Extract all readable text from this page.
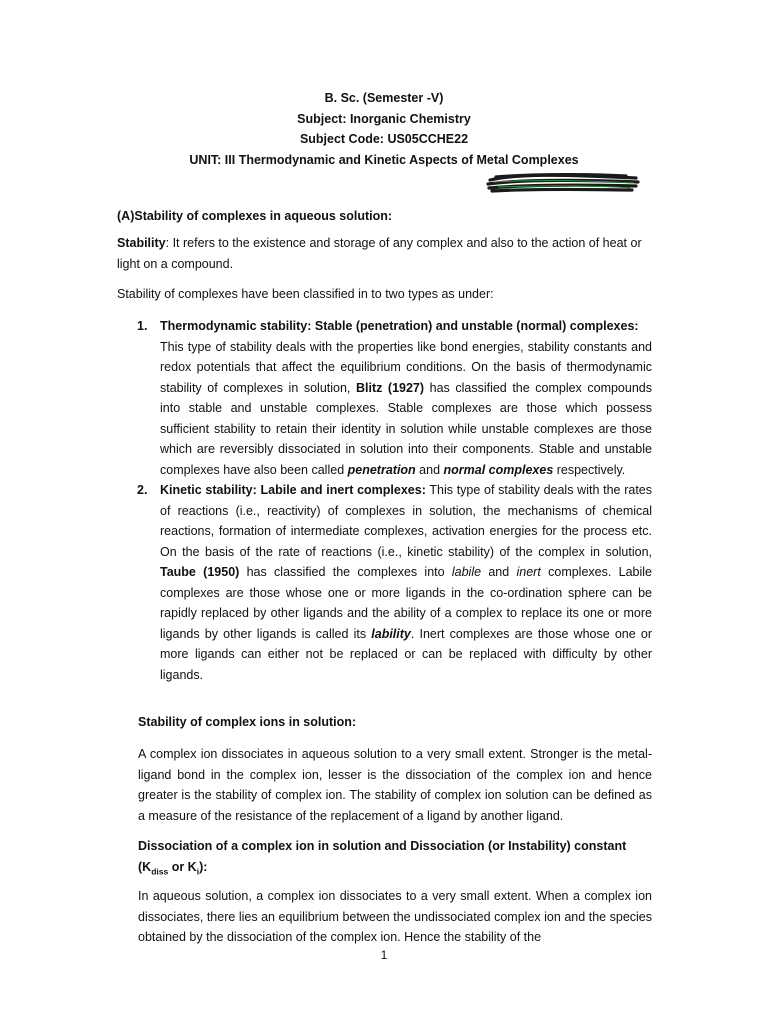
B. Sc. (Semester -V)
Subject: Inorganic Chemistry
Subject Code: US05CCHE22
UNIT: III Thermodynamic and Kinetic Aspects of Metal Complexes
(A)Stability of complexes in aqueous solution:
Stability: It refers to the existence and storage of any complex and also to the action of heat or light on a compound.
Stability of complexes have been classified in to two types as under:
1. Thermodynamic stability: Stable (penetration) and unstable (normal) complexes:
This type of stability deals with the properties like bond energies, stability constants and redox potentials that affect the equilibrium conditions. On the basis of thermodynamic stability of complexes in solution, Blitz (1927) has classified the complex compounds into stable and unstable complexes. Stable complexes are those which possess sufficient stability to retain their identity in solution while unstable complexes are those which are reversibly dissociated in solution into their components. Stable and unstable complexes have also been called penetration and normal complexes respectively.
2. Kinetic stability: Labile and inert complexes: This type of stability deals with the rates of reactions (i.e., reactivity) of complexes in solution, the mechanisms of chemical reactions, formation of intermediate complexes, activation energies for the process etc. On the basis of the rate of reactions (i.e., kinetic stability) of the complex in solution, Taube (1950) has classified the complexes into labile and inert complexes. Labile complexes are those whose one or more ligands in the co-ordination sphere can be rapidly replaced by other ligands and the ability of a complex to replace its one or more ligands by other ligands is called its lability. Inert complexes are those whose one or more ligands can either not be replaced or can be replaced with difficulty by other ligands.
Stability of complex ions in solution:
A complex ion dissociates in aqueous solution to a very small extent. Stronger is the metal-ligand bond in the complex ion, lesser is the dissociation of the complex ion and hence greater is the stability of complex ion. The stability of complex ion solution can be defined as a measure of the resistance of the replacement of a ligand by another ligand.
Dissociation of a complex ion in solution and Dissociation (or Instability) constant ($K_{diss}$ or $K_i$):
In aqueous solution, a complex ion dissociates to a very small extent. When a complex ion dissociates, there lies an equilibrium between the undissociated complex ion and the species obtained by the dissociation of the complex ion. Hence the stability of the
1
